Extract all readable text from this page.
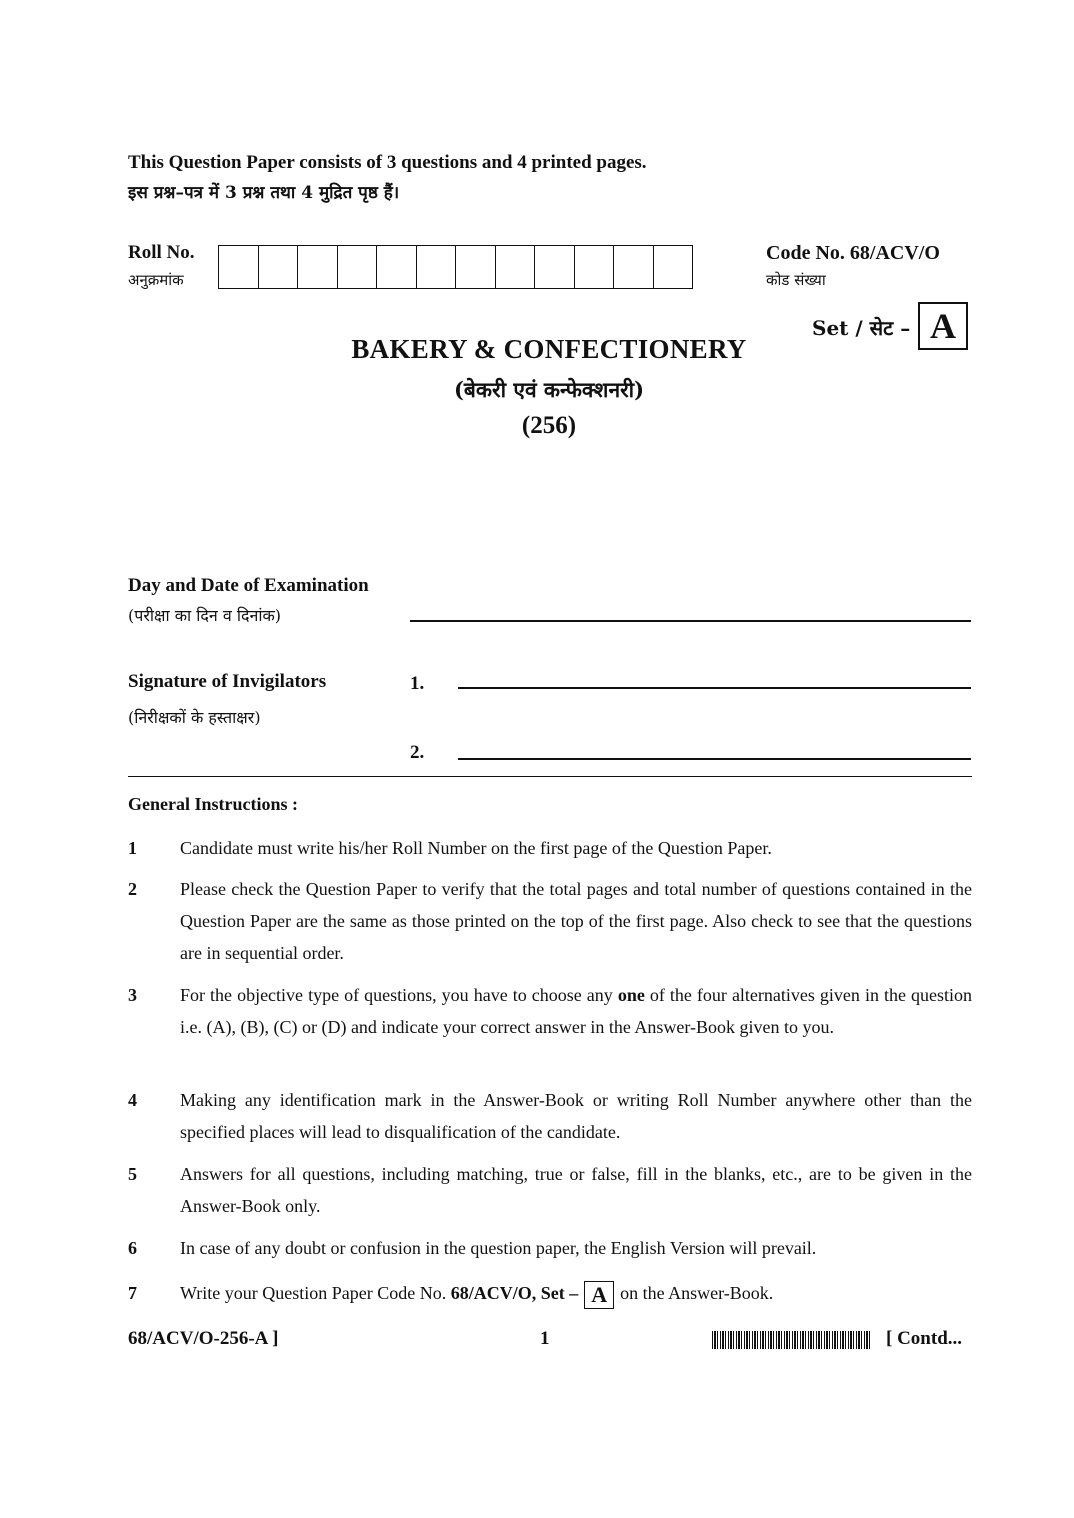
This Question Paper consists of 3 questions and 4 printed pages.
इस प्रश्न–पत्र में 3 प्रश्न तथा 4 मुद्रित पृष्ठ हैं।
Roll No.
अनुक्रमांक
Code No. 68/ACV/O
कोड संख्या
Set / सेट – A
BAKERY & CONFECTIONERY
(बेकरी एवं कन्फेक्शनरी)
(256)
Day and Date of Examination
(परीक्षा का दिन व दिनांक)
Signature of Invigilators
(निरीक्षकों के हस्ताक्षर)
1.
2.
General Instructions :
1	Candidate must write his/her Roll Number on the first page of the Question Paper.
2	Please check the Question Paper to verify that the total pages and total number of questions contained in the Question Paper are the same as those printed on the top of the first page. Also check to see that the questions are in sequential order.
3	For the objective type of questions, you have to choose any one of the four alternatives given in the question i.e. (A), (B), (C) or (D) and indicate your correct answer in the Answer-Book given to you.
4	Making any identification mark in the Answer-Book or writing Roll Number anywhere other than the specified places will lead to disqualification of the candidate.
5	Answers for all questions, including matching, true or false, fill in the blanks, etc., are to be given in the Answer-Book only.
6	In case of any doubt or confusion in the question paper, the English Version will prevail.
7	Write your Question Paper Code No. 68/ACV/O, Set – A on the Answer-Book.
68/ACV/O-256-A ]	1	[ Contd...
